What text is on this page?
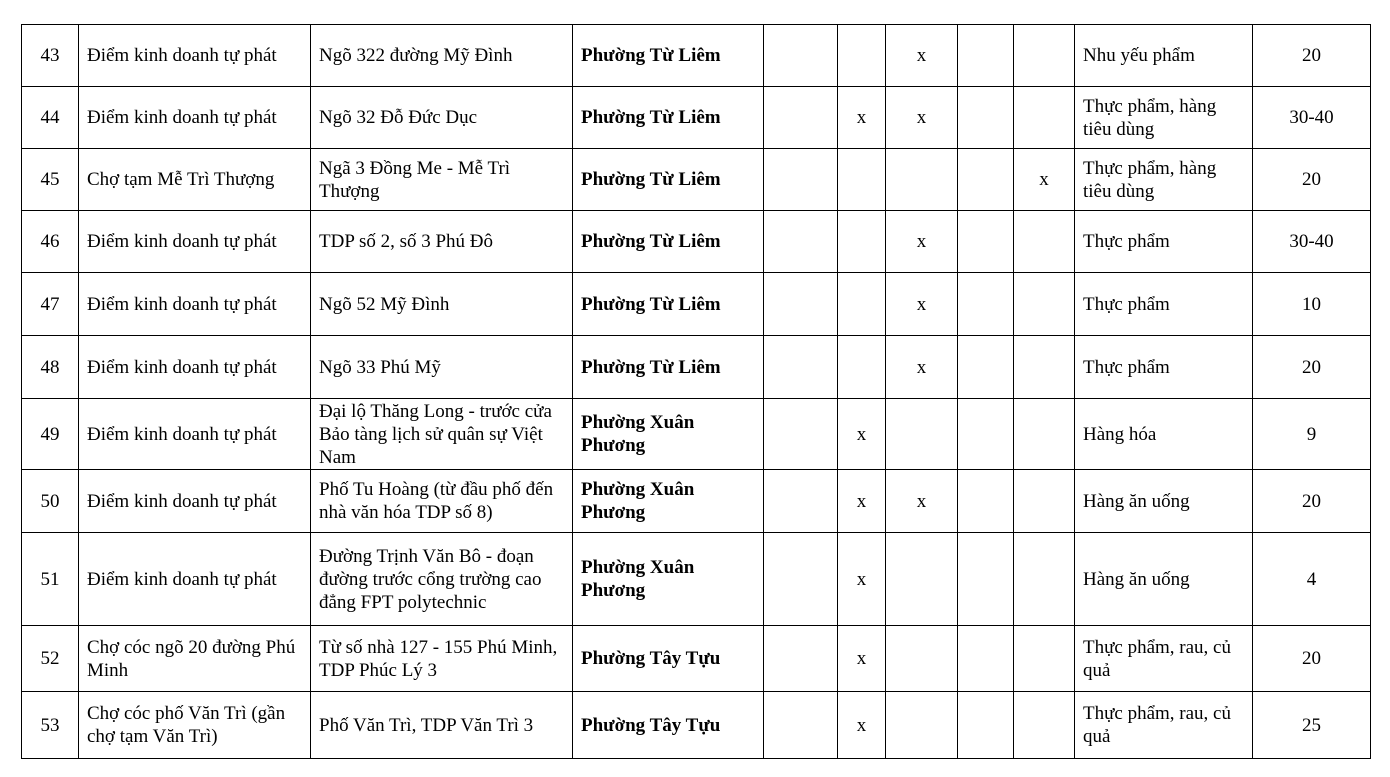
43	Điểm kinh doanh tự phát	Ngõ 322 đường Mỹ Đình	Phường Từ Liêm			x			Nhu yếu phẩm	20
44	Điểm kinh doanh tự phát	Ngõ 32 Đỗ Đức Dục	Phường Từ Liêm		x	x			Thực phẩm, hàng tiêu dùng	30-40
45	Chợ tạm Mễ Trì Thượng	Ngã 3 Đồng Me - Mễ Trì Thượng	Phường Từ Liêm					x	Thực phẩm, hàng tiêu dùng	20
46	Điểm kinh doanh tự phát	TDP số 2, số 3 Phú Đô	Phường Từ Liêm			x			Thực phẩm	30-40
47	Điểm kinh doanh tự phát	Ngõ 52 Mỹ Đình	Phường Từ Liêm			x			Thực phẩm	10
48	Điểm kinh doanh tự phát	Ngõ 33 Phú Mỹ	Phường Từ Liêm			x			Thực phẩm	20
49	Điểm kinh doanh tự phát	Đại lộ Thăng Long - trước cửa Bảo tàng lịch sử quân sự Việt Nam	Phường Xuân Phương		x				Hàng hóa	9
50	Điểm kinh doanh tự phát	Phố Tu Hoàng (từ đầu phố đến nhà văn hóa TDP số 8)	Phường Xuân Phương		x	x			Hàng ăn uống	20
51	Điểm kinh doanh tự phát	Đường Trịnh Văn Bô - đoạn đường trước cổng trường cao đẳng FPT polytechnic	Phường Xuân Phương		x				Hàng ăn uống	4
52	Chợ cóc ngõ 20 đường Phú Minh	Từ số nhà 127 - 155 Phú Minh, TDP Phúc Lý 3	Phường Tây Tựu		x				Thực phẩm, rau, củ quả	20
53	Chợ cóc phố Văn Trì (gần chợ tạm Văn Trì)	Phố Văn Trì, TDP Văn Trì 3	Phường Tây Tựu		x				Thực phẩm, rau, củ quả	25
